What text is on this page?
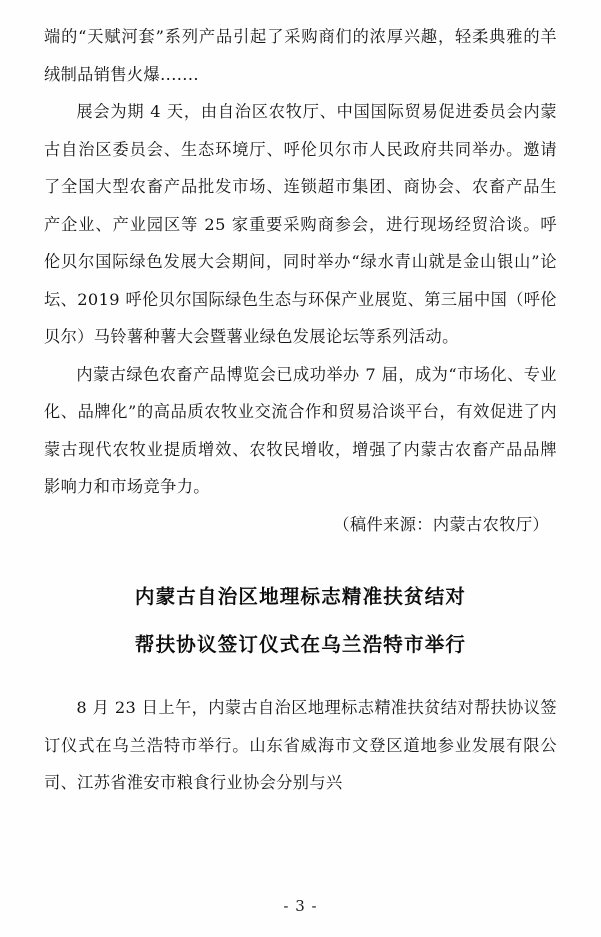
端的“天赋河套”系列产品引起了采购商们的浓厚兴趣，轻柔典雅的羊绒制品销售火爆.......

展会为期 4 天，由自治区农牧厅、中国国际贸易促进委员会内蒙古自治区委员会、生态环境厅、呼伦贝尔市人民政府共同举办。邀请了全国大型农畜产品批发市场、连锁超市集团、商协会、农畜产品生产企业、产业园区等 25 家重要采购商参会，进行现场经贸洽谈。呼伦贝尔国际绿色发展大会期间，同时举办“绿水青山就是金山银山”论坛、2019 呼伦贝尔国际绿色生态与环保产业展览、第三届中国（呼伦贝尔）马铃薯种薯大会暨薯业绿色发展论坛等系列活动。

内蒙古绿色农畜产品博览会已成功举办 7 届，成为“市场化、专业化、品牌化”的高品质农牧业交流合作和贸易洽谈平台，有效促进了内蒙古现代农牧业提质增效、农牧民增收，增强了内蒙古农畜产品品牌影响力和市场竞争力。

（稿件来源：内蒙古农牧厅）

内蒙古自治区地理标志精准扶贫结对
帮扶协议签订仪式在乌兰浩特市举行

8 月 23 日上午，内蒙古自治区地理标志精准扶贫结对帮扶协议签订仪式在乌兰浩特市举行。山东省威海市文登区道地参业发展有限公司、江苏省淮安市粮食行业协会分别与兴

- 3 -
